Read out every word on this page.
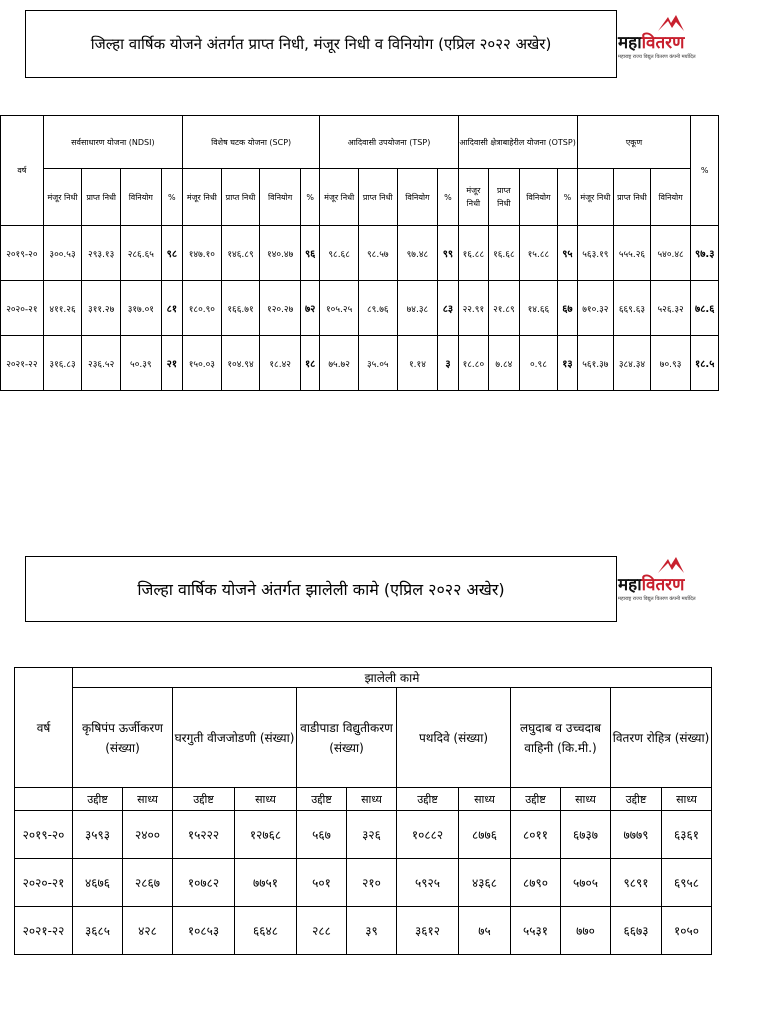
जिल्हा वार्षिक योजने अंतर्गत प्राप्त निधी, मंजूर निधी व विनियोग (एप्रिल २०२२ अखेर)	महावितरण
महाराष्ट्र राज्य विद्युत वितरण कंपनी मर्यादित
वर्ष	सर्वसाधारण योजना (NDSI)				विशेष घटक योजना (SCP)				आदिवासी उपयोजना (TSP)				आदिवासी क्षेत्राबाहेरील योजना (OTSP)				एकूण			%
	मंजूर निधी	प्राप्त निधी	विनियोग	%	मंजूर निधी	प्राप्त निधी	विनियोग	%	मंजूर निधी	प्राप्त निधी	विनियोग	%	मंजूर निधी	प्राप्त निधी	विनियोग	%	मंजूर निधी	प्राप्त निधी	विनियोग	
२०१९-२०	३००.५३	२९३.१३	२८६.६५	९८	१४७.१०	१४६.८९	१४०.४७	९६	९८.६८	९८.५७	९७.४८	९९	१६.८८	१६.६८	१५.८८	९५	५६३.१९	५५५.२६	५४०.४८	९७.३
२०२०-२१	४११.२६	३११.२७	३१७.०१	८१	१८०.९०	१६६.७१	१२०.२७	७२	१०५.२५	८९.७६	७४.३८	८३	२२.९१	२१.८९	१४.६६	६७	७१०.३२	६६९.६३	५२६.३२	७८.६
२०२१-२२	३१६.८३	२३६.५२	५०.३९	२१	१५०.०३	१०४.९४	१८.४२	१८	७५.७२	३५.०५	१.१४	३	१८.८०	७.८४	०.९८	१३	५६१.३७	३८४.३४	७०.९३	१८.५
जिल्हा वार्षिक योजने अंतर्गत झालेली कामे (एप्रिल २०२२ अखेर)	महावितरण
महाराष्ट्र राज्य विद्युत वितरण कंपनी मर्यादित
वर्ष	झालेली कामे											
	कृषिपंप ऊर्जीकरण (संख्या)		घरगुती वीजजोडणी (संख्या)		वाडीपाडा विद्युतीकरण (संख्या)		पथदिवे (संख्या)		लघुदाब व उच्चदाब वाहिनी (कि.मी.)		वितरण रोहित्र (संख्या)	
	उद्दीष्ट	साध्य	उद्दीष्ट	साध्य	उद्दीष्ट	साध्य	उद्दीष्ट	साध्य	उद्दीष्ट	साध्य	उद्दीष्ट	साध्य
२०१९-२०	३५९३	२४००	१५२२२	१२७६८	५६७	३२६	१०८८२	८७७६	८०११	६७३७	७७७९	६३६१
२०२०-२१	४६७६	२८६७	१०७८२	७७५१	५०१	२१०	५९२५	४३६८	८७९०	५७०५	९८९१	६९५८
२०२१-२२	३६८५	४२८	१०८५३	६६४८	२८८	३९	३६१२	७५	५५३१	७७०	६६७३	१०५०
